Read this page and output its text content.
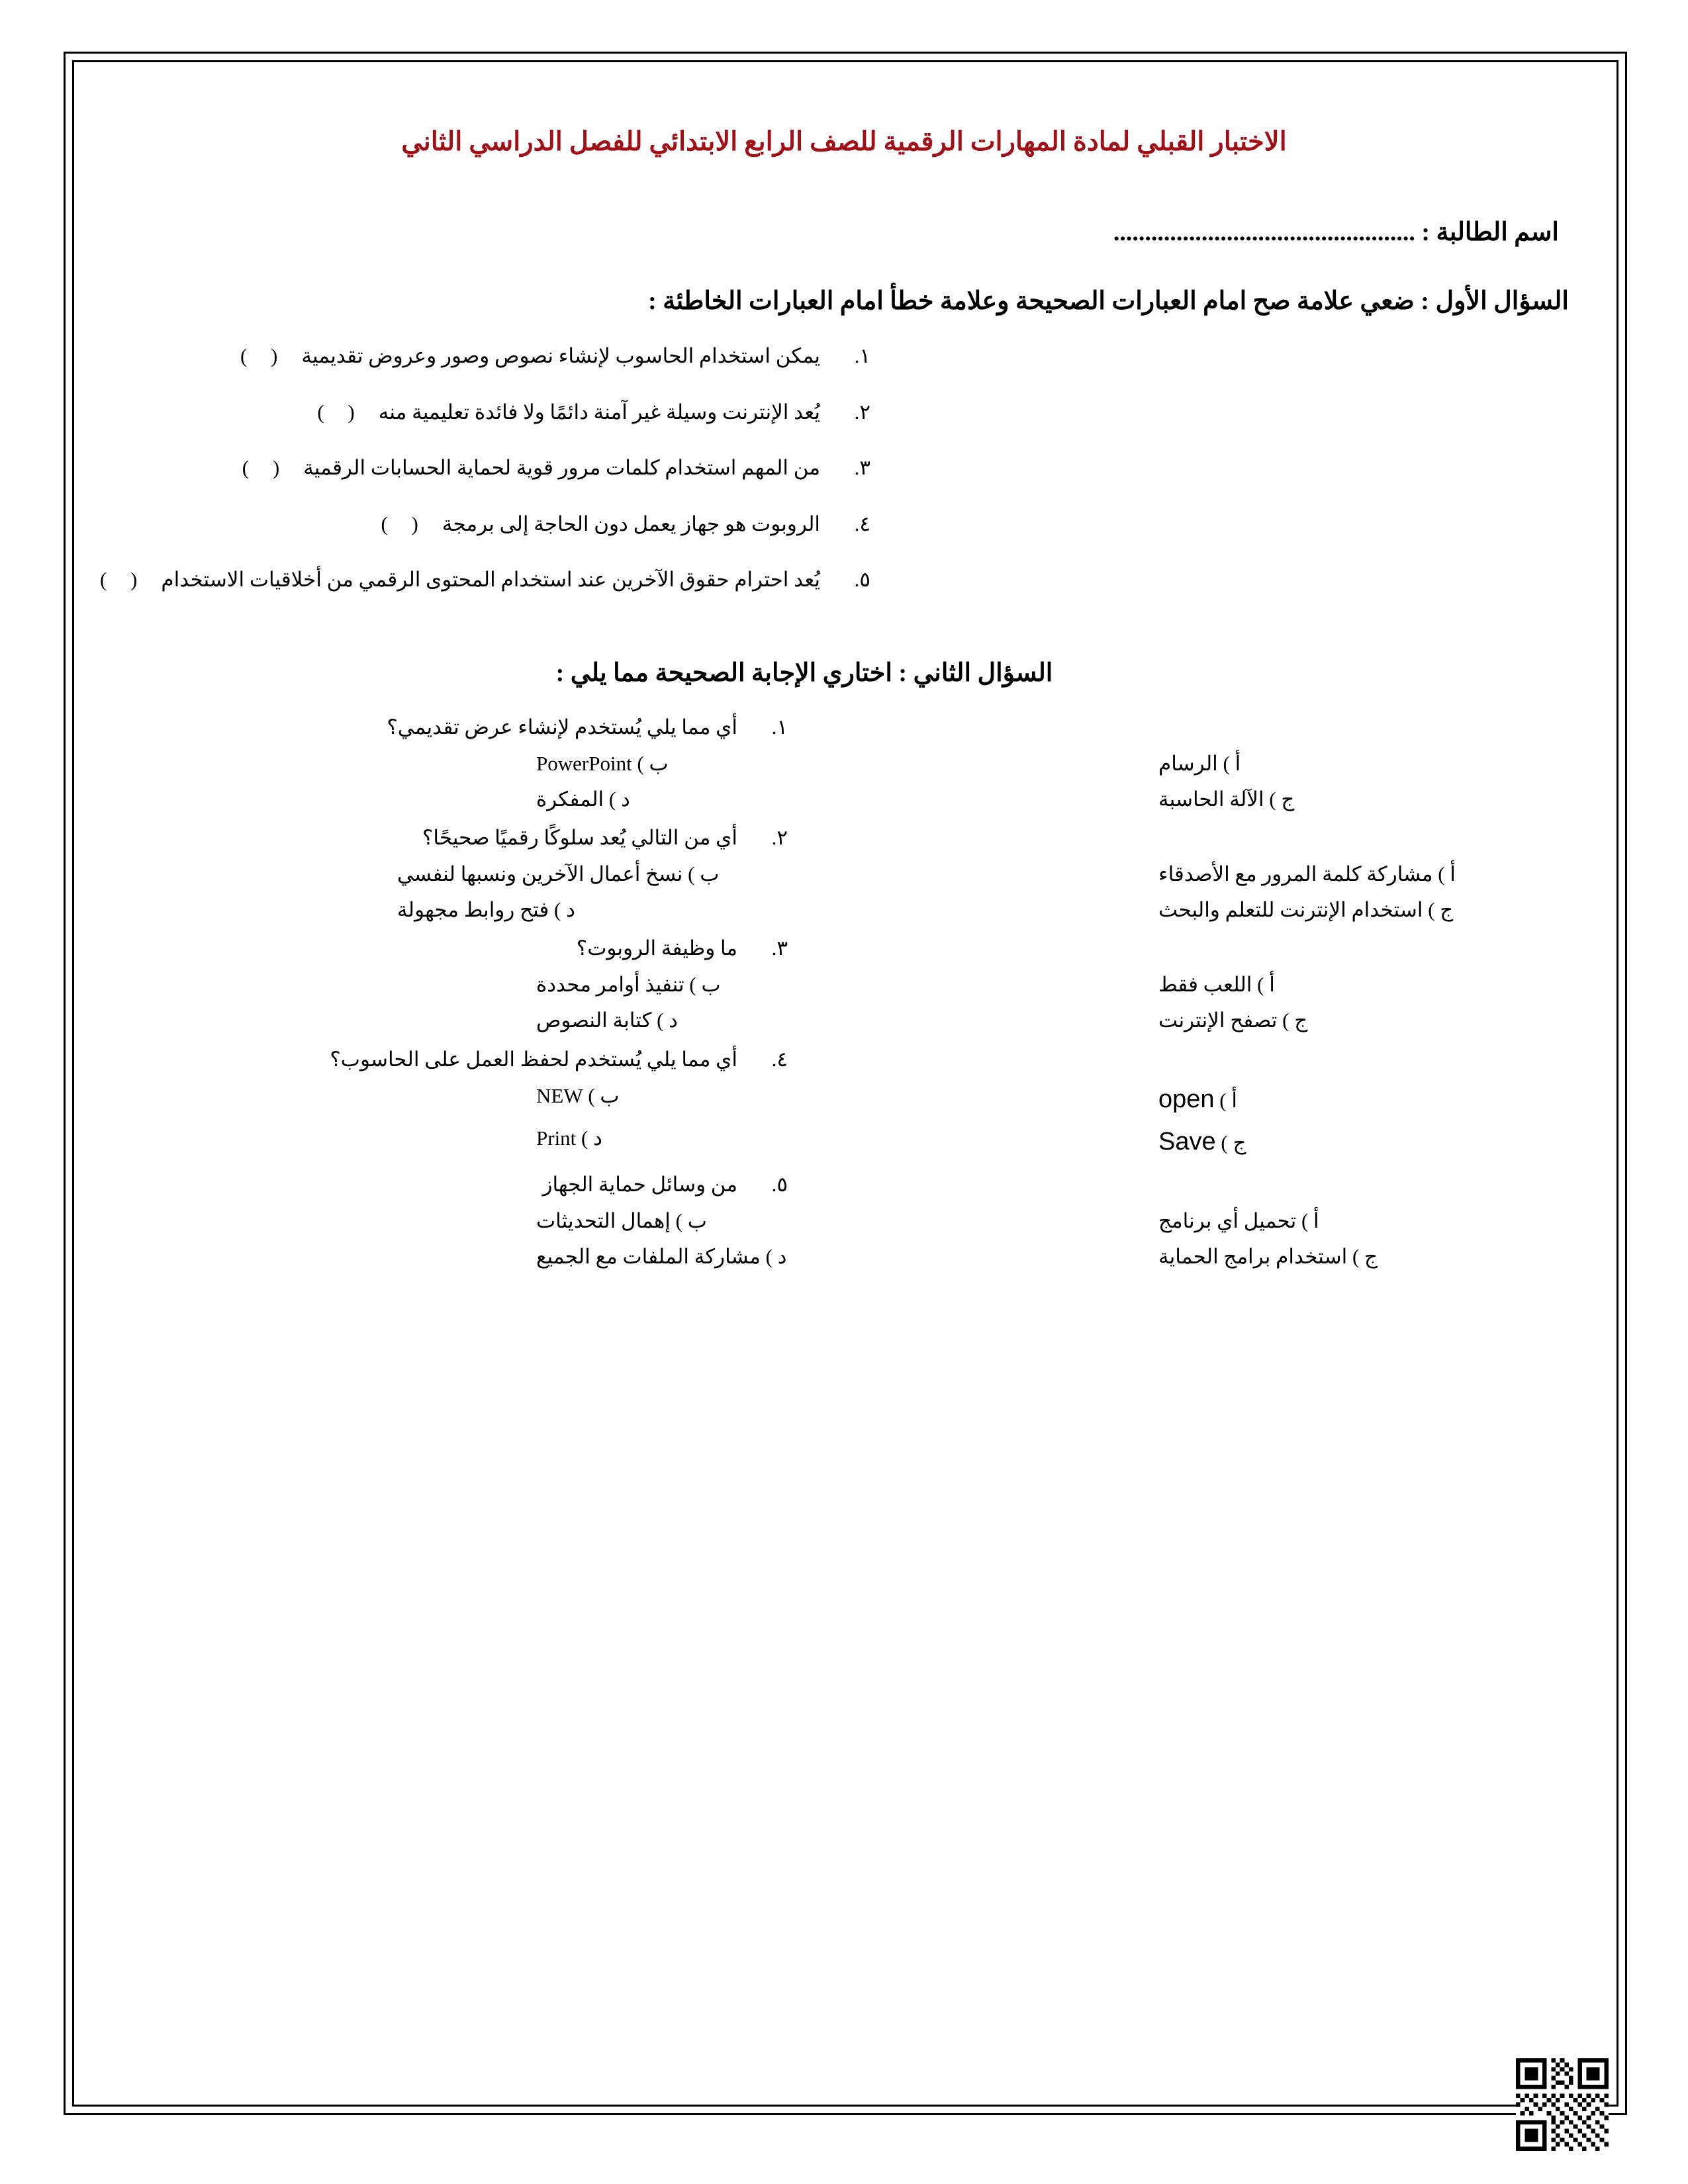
الاختبار القبلي لمادة المهارات الرقمية للصف الرابع الابتدائي للفصل الدراسي الثاني
اسم الطالبة : ................................................
السؤال الأول : ضعي علامة صح امام العبارات الصحيحة وعلامة خطأ امام العبارات الخاطئة :
١.
يمكن استخدام الحاسوب لإنشاء نصوص وصور وعروض تقديمية
( )
٢.
يُعد الإنترنت وسيلة غير آمنة دائمًا ولا فائدة تعليمية منه
( )
٣.
من المهم استخدام كلمات مرور قوية لحماية الحسابات الرقمية
( )
٤.
الروبوت هو جهاز يعمل دون الحاجة إلى برمجة
( )
٥.
يُعد احترام حقوق الآخرين عند استخدام المحتوى الرقمي من أخلاقيات الاستخدام
( )
السؤال الثاني : اختاري الإجابة الصحيحة مما يلي :
١.
أي مما يلي يُستخدم لإنشاء عرض تقديمي؟
أ ) الرسام
ب ) PowerPoint
ج ) الآلة الحاسبة
د ) المفكرة
٢.
أي من التالي يُعد سلوكًا رقميًا صحيحًا؟
أ ) مشاركة كلمة المرور مع الأصدقاء
ب ) نسخ أعمال الآخرين ونسبها لنفسي
ج ) استخدام الإنترنت للتعلم والبحث
د ) فتح روابط مجهولة
٣.
ما وظيفة الروبوت؟
أ ) اللعب فقط
ب ) تنفيذ أوامر محددة
ج ) تصفح الإنترنت
د ) كتابة النصوص
٤.
أي مما يلي يُستخدم لحفظ العمل على الحاسوب؟
أ ) open
ب ) NEW
ج ) Save
د ) Print
٥.
من وسائل حماية الجهاز
أ ) تحميل أي برنامج
ب ) إهمال التحديثات
ج ) استخدام برامج الحماية
د ) مشاركة الملفات مع الجميع
